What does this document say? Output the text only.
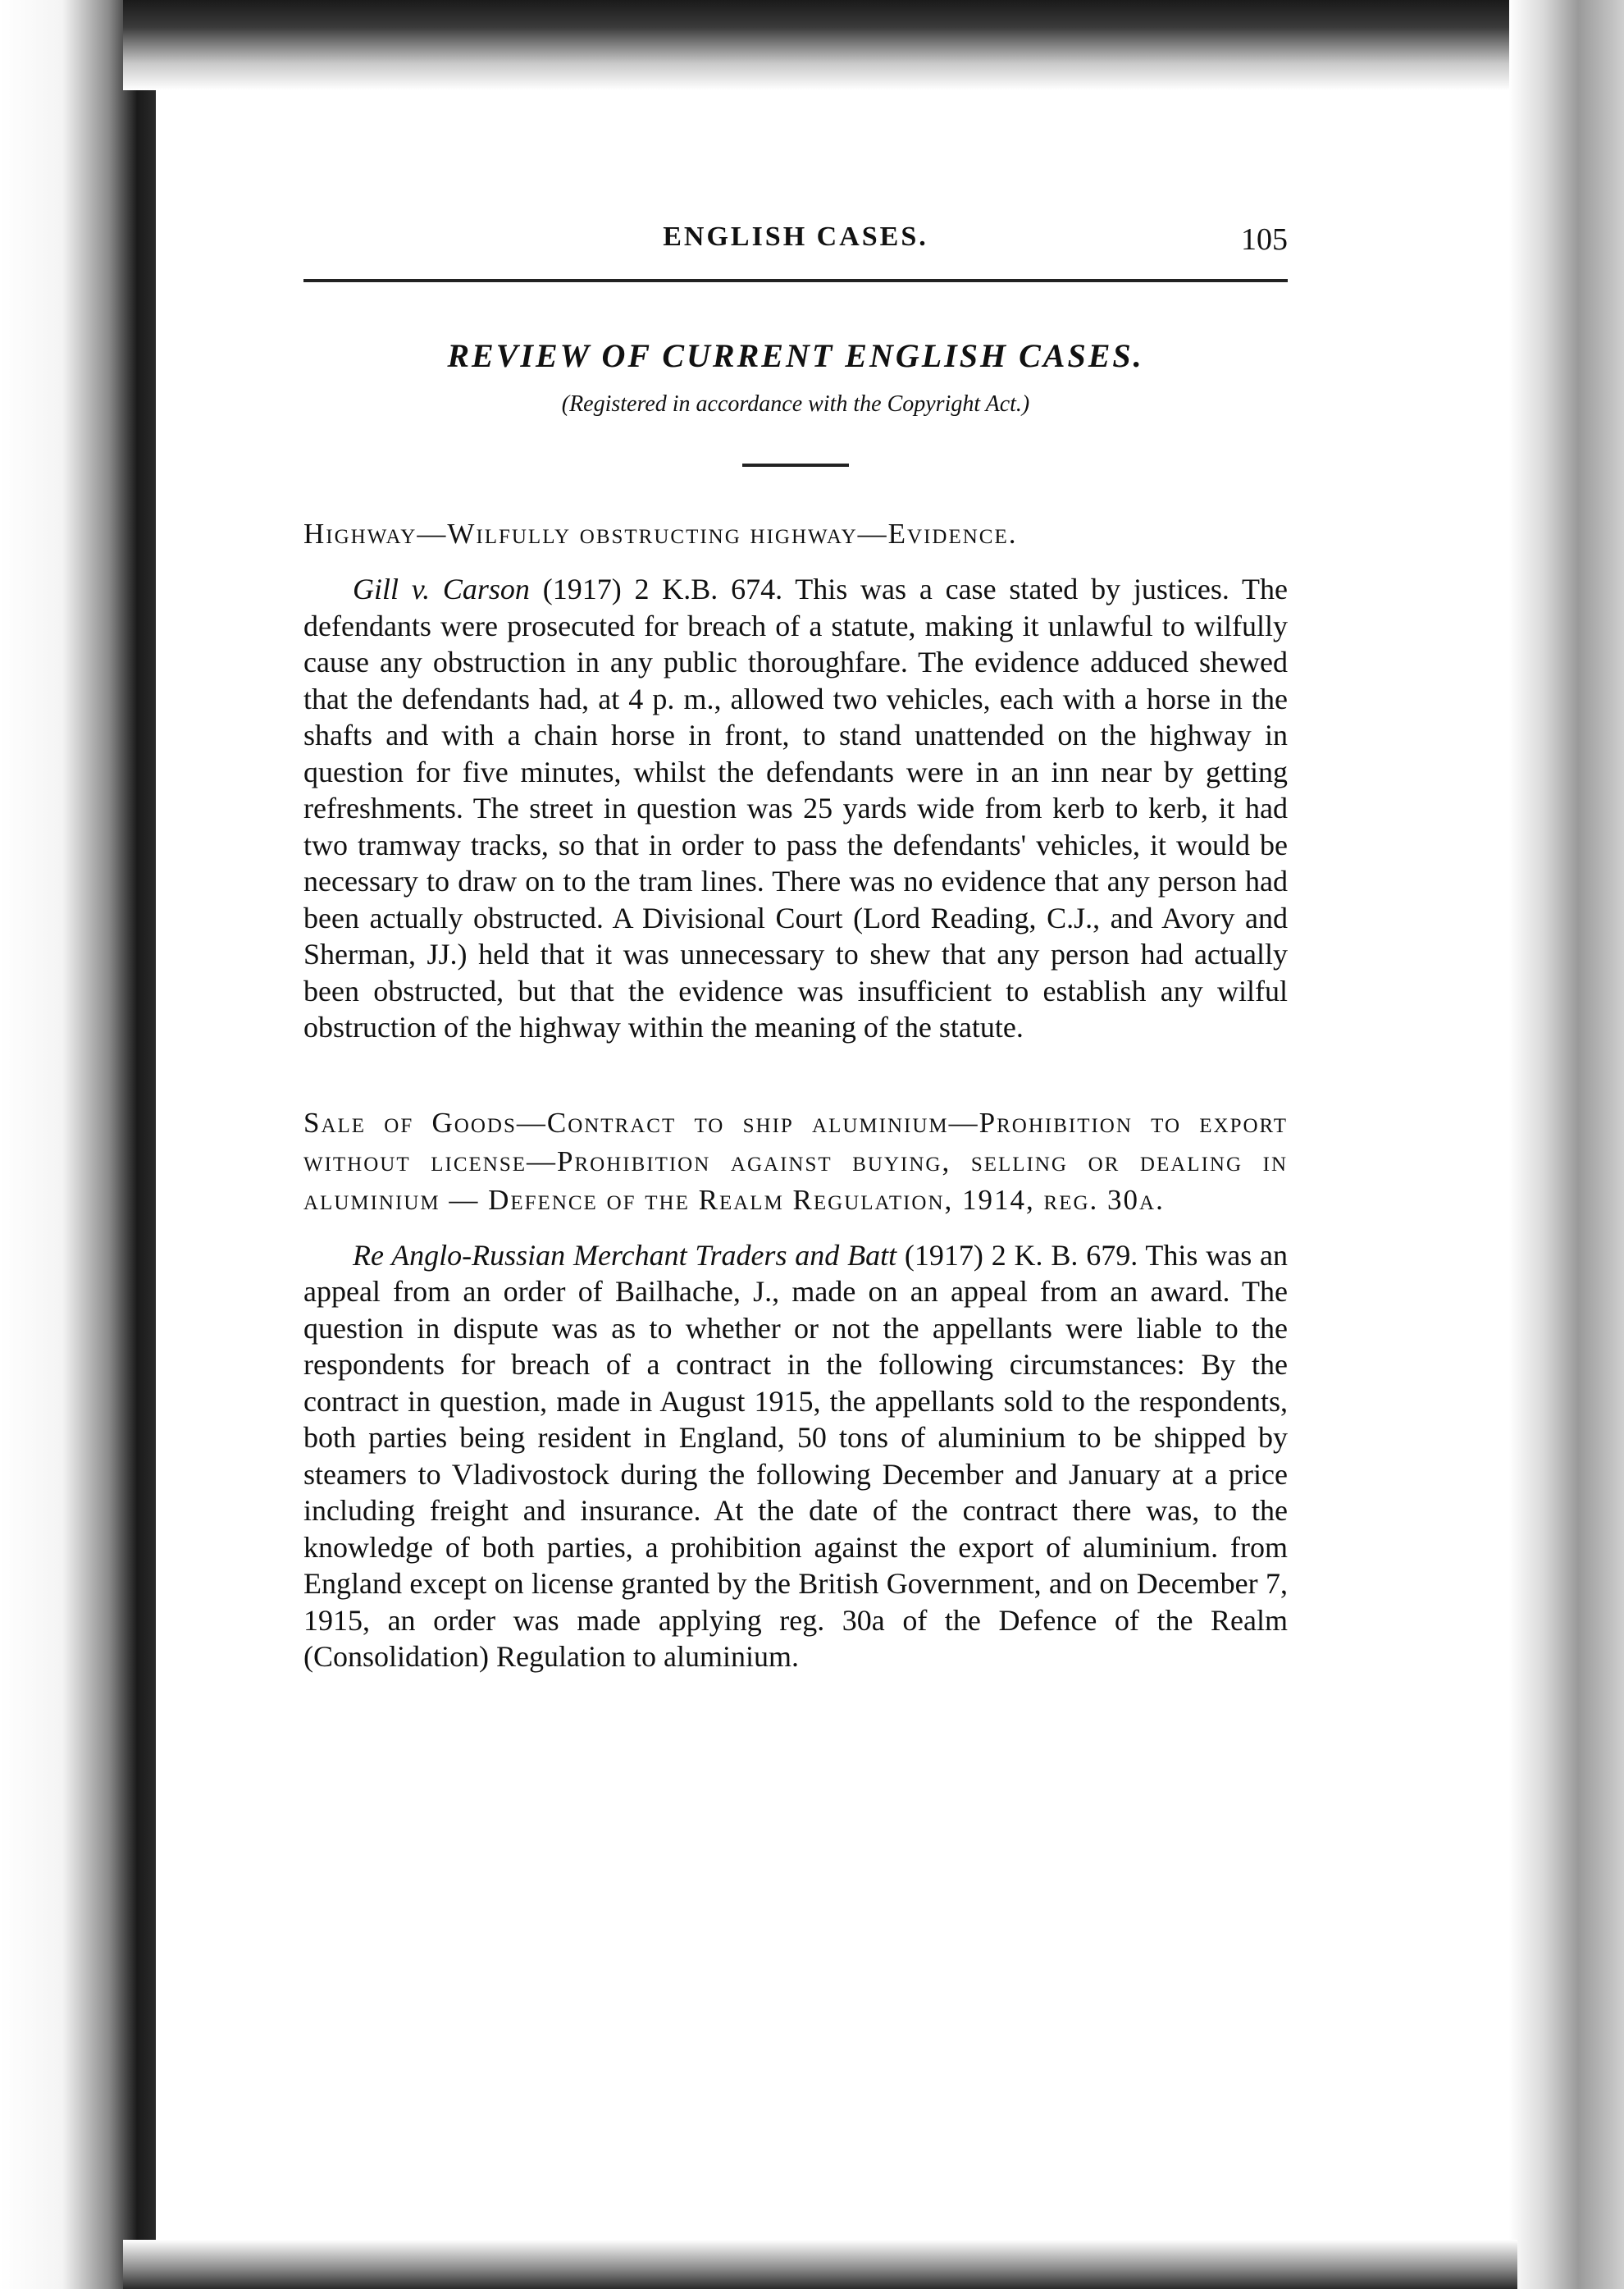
ENGLISH CASES.	105
REVIEW OF CURRENT ENGLISH CASES.
(Registered in accordance with the Copyright Act.)
Highway—Wilfully obstructing highway—Evidence.
Gill v. Carson (1917) 2 K.B. 674. This was a case stated by justices. The defendants were prosecuted for breach of a statute, making it unlawful to wilfully cause any obstruction in any public thoroughfare. The evidence adduced shewed that the defendants had, at 4 p. m., allowed two vehicles, each with a horse in the shafts and with a chain horse in front, to stand unattended on the highway in question for five minutes, whilst the defendants were in an inn near by getting refreshments. The street in question was 25 yards wide from kerb to kerb, it had two tramway tracks, so that in order to pass the defendants' vehicles, it would be necessary to draw on to the tram lines. There was no evidence that any person had been actually obstructed. A Divisional Court (Lord Reading, C.J., and Avory and Sherman, JJ.) held that it was unnecessary to shew that any person had actually been obstructed, but that the evidence was insufficient to establish any wilful obstruction of the highway within the meaning of the statute.
Sale of Goods—Contract to ship aluminium—Prohibition to export without license—Prohibition against buying, selling or dealing in aluminium — Defence of the Realm Regulation, 1914, reg. 30a.
Re Anglo-Russian Merchant Traders and Batt (1917) 2 K. B. 679. This was an appeal from an order of Bailhache, J., made on an appeal from an award. The question in dispute was as to whether or not the appellants were liable to the respondents for breach of a contract in the following circumstances: By the contract in question, made in August 1915, the appellants sold to the respondents, both parties being resident in England, 50 tons of aluminium to be shipped by steamers to Vladivostock during the following December and January at a price including freight and insurance. At the date of the contract there was, to the knowledge of both parties, a prohibition against the export of aluminium. from England except on license granted by the British Government, and on December 7, 1915, an order was made applying reg. 30a of the Defence of the Realm (Consolidation) Regulation to aluminium.
